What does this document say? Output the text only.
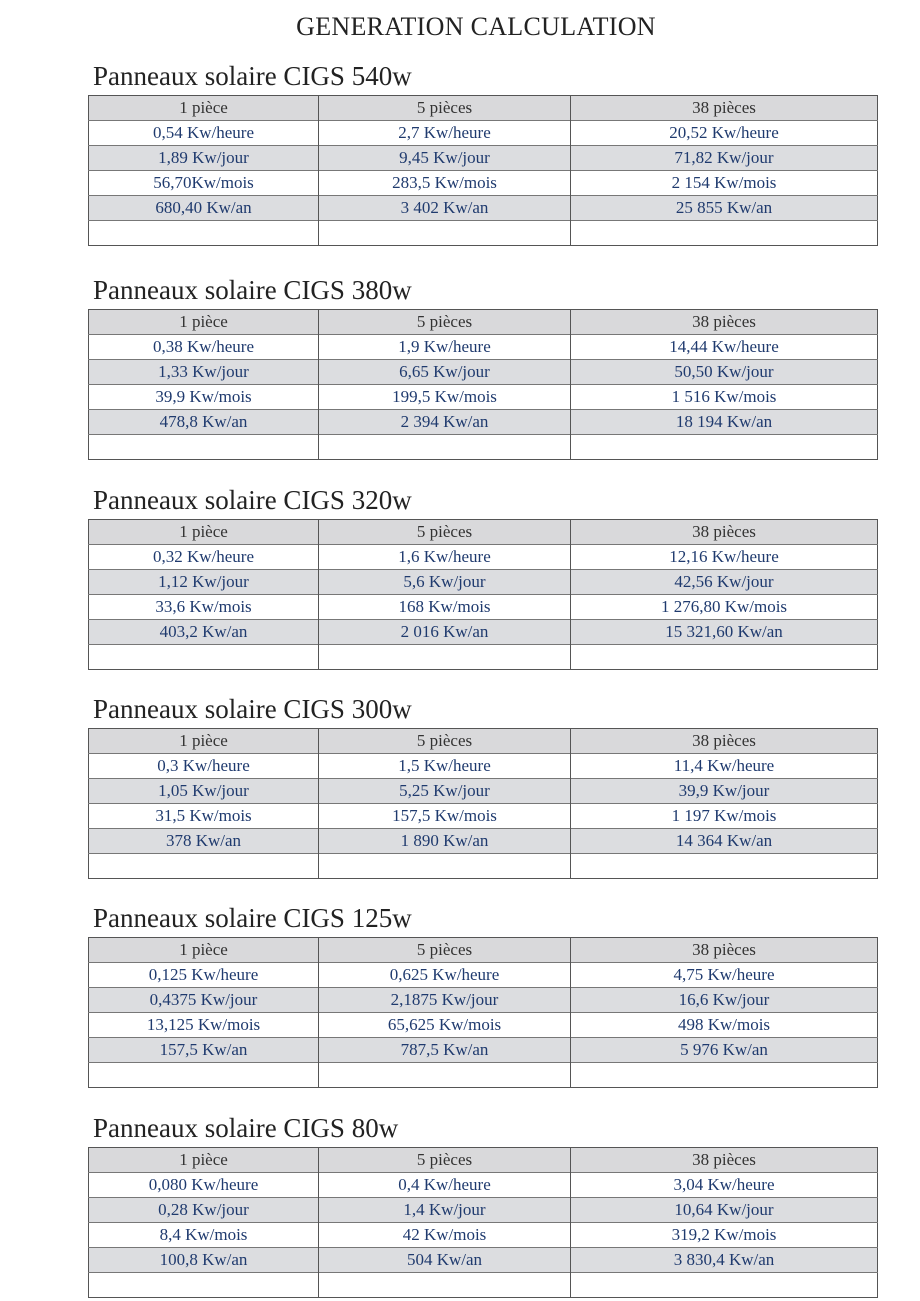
GENERATION CALCULATION
Panneaux solaire CIGS 540w
1 pièce	5 pièces	38 pièces
0,54 Kw/heure	2,7 Kw/heure	20,52 Kw/heure
1,89 Kw/jour	9,45 Kw/jour	71,82 Kw/jour
56,70Kw/mois	283,5 Kw/mois	2 154 Kw/mois
680,40 Kw/an	3 402 Kw/an	25 855 Kw/an

Panneaux solaire CIGS 380w
1 pièce	5 pièces	38 pièces
0,38 Kw/heure	1,9 Kw/heure	14,44 Kw/heure
1,33 Kw/jour	6,65 Kw/jour	50,50 Kw/jour
39,9 Kw/mois	199,5 Kw/mois	1 516 Kw/mois
478,8 Kw/an	2 394 Kw/an	18 194 Kw/an

Panneaux solaire CIGS 320w
1 pièce	5 pièces	38 pièces
0,32 Kw/heure	1,6 Kw/heure	12,16 Kw/heure
1,12 Kw/jour	5,6 Kw/jour	42,56 Kw/jour
33,6 Kw/mois	168 Kw/mois	1 276,80 Kw/mois
403,2 Kw/an	2 016 Kw/an	15 321,60 Kw/an

Panneaux solaire CIGS 300w
1 pièce	5 pièces	38 pièces
0,3 Kw/heure	1,5 Kw/heure	11,4 Kw/heure
1,05 Kw/jour	5,25 Kw/jour	39,9 Kw/jour
31,5 Kw/mois	157,5 Kw/mois	1 197 Kw/mois
378 Kw/an	1 890 Kw/an	14 364 Kw/an

Panneaux solaire CIGS 125w
1 pièce	5 pièces	38 pièces
0,125 Kw/heure	0,625 Kw/heure	4,75 Kw/heure
0,4375 Kw/jour	2,1875 Kw/jour	16,6 Kw/jour
13,125 Kw/mois	65,625 Kw/mois	498 Kw/mois
157,5 Kw/an	787,5 Kw/an	5 976 Kw/an

Panneaux solaire CIGS 80w
1 pièce	5 pièces	38 pièces
0,080 Kw/heure	0,4 Kw/heure	3,04 Kw/heure
0,28 Kw/jour	1,4 Kw/jour	10,64 Kw/jour
8,4 Kw/mois	42 Kw/mois	319,2 Kw/mois
100,8 Kw/an	504 Kw/an	3 830,4 Kw/an
